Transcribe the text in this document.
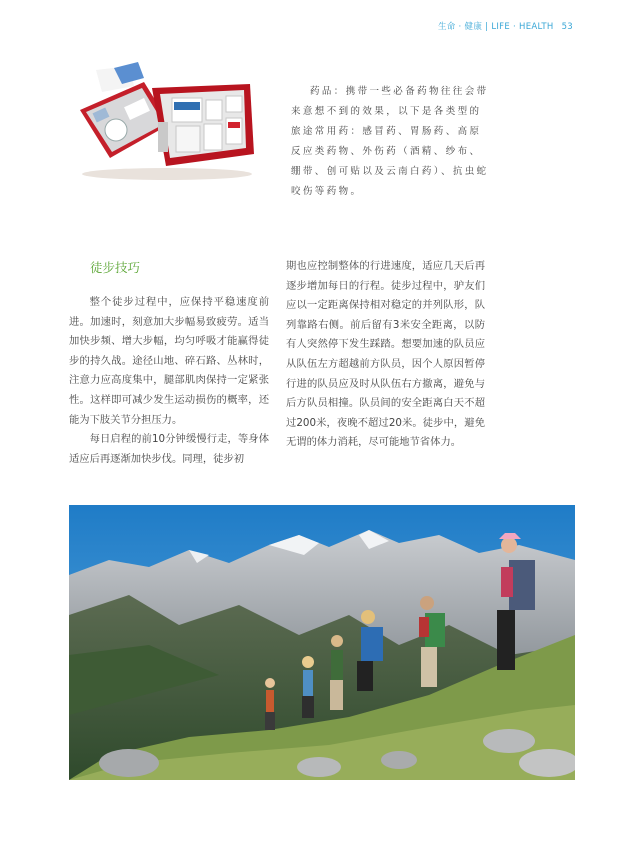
生命 · 健康 | LIFE · HEALTH 53
药品：携带一些必备药物往往会带来意想不到的效果，以下是各类型的旅途常用药：感冒药、胃肠药、高原反应类药物、外伤药（酒精、纱布、绷带、创可贴以及云南白药）、抗虫蛇咬伤等药物。
徒步技巧

整个徒步过程中，应保持平稳速度前进。加速时，刻意加大步幅易致疲劳。适当加快步频、增大步幅，均匀呼吸才能赢得徒步的持久战。途径山地、碎石路、丛林时，注意力应高度集中，腿部肌肉保持一定紧张性。这样即可减少发生运动损伤的概率，还能为下肢关节分担压力。

每日启程的前10分钟缓慢行走，等身体适应后再逐渐加快步伐。同理，徒步初

期也应控制整体的行进速度，适应几天后再逐步增加每日的行程。徒步过程中，驴友们应以一定距离保持相对稳定的并列队形，队列靠路右侧。前后留有3米安全距离，以防有人突然停下发生踩踏。想要加速的队员应从队伍左方超越前方队员，因个人原因暂停行进的队员应及时从队伍右方撤离，避免与后方队员相撞。队员间的安全距离白天不超过200米，夜晚不超过20米。徒步中，避免无谓的体力消耗，尽可能地节省体力。
